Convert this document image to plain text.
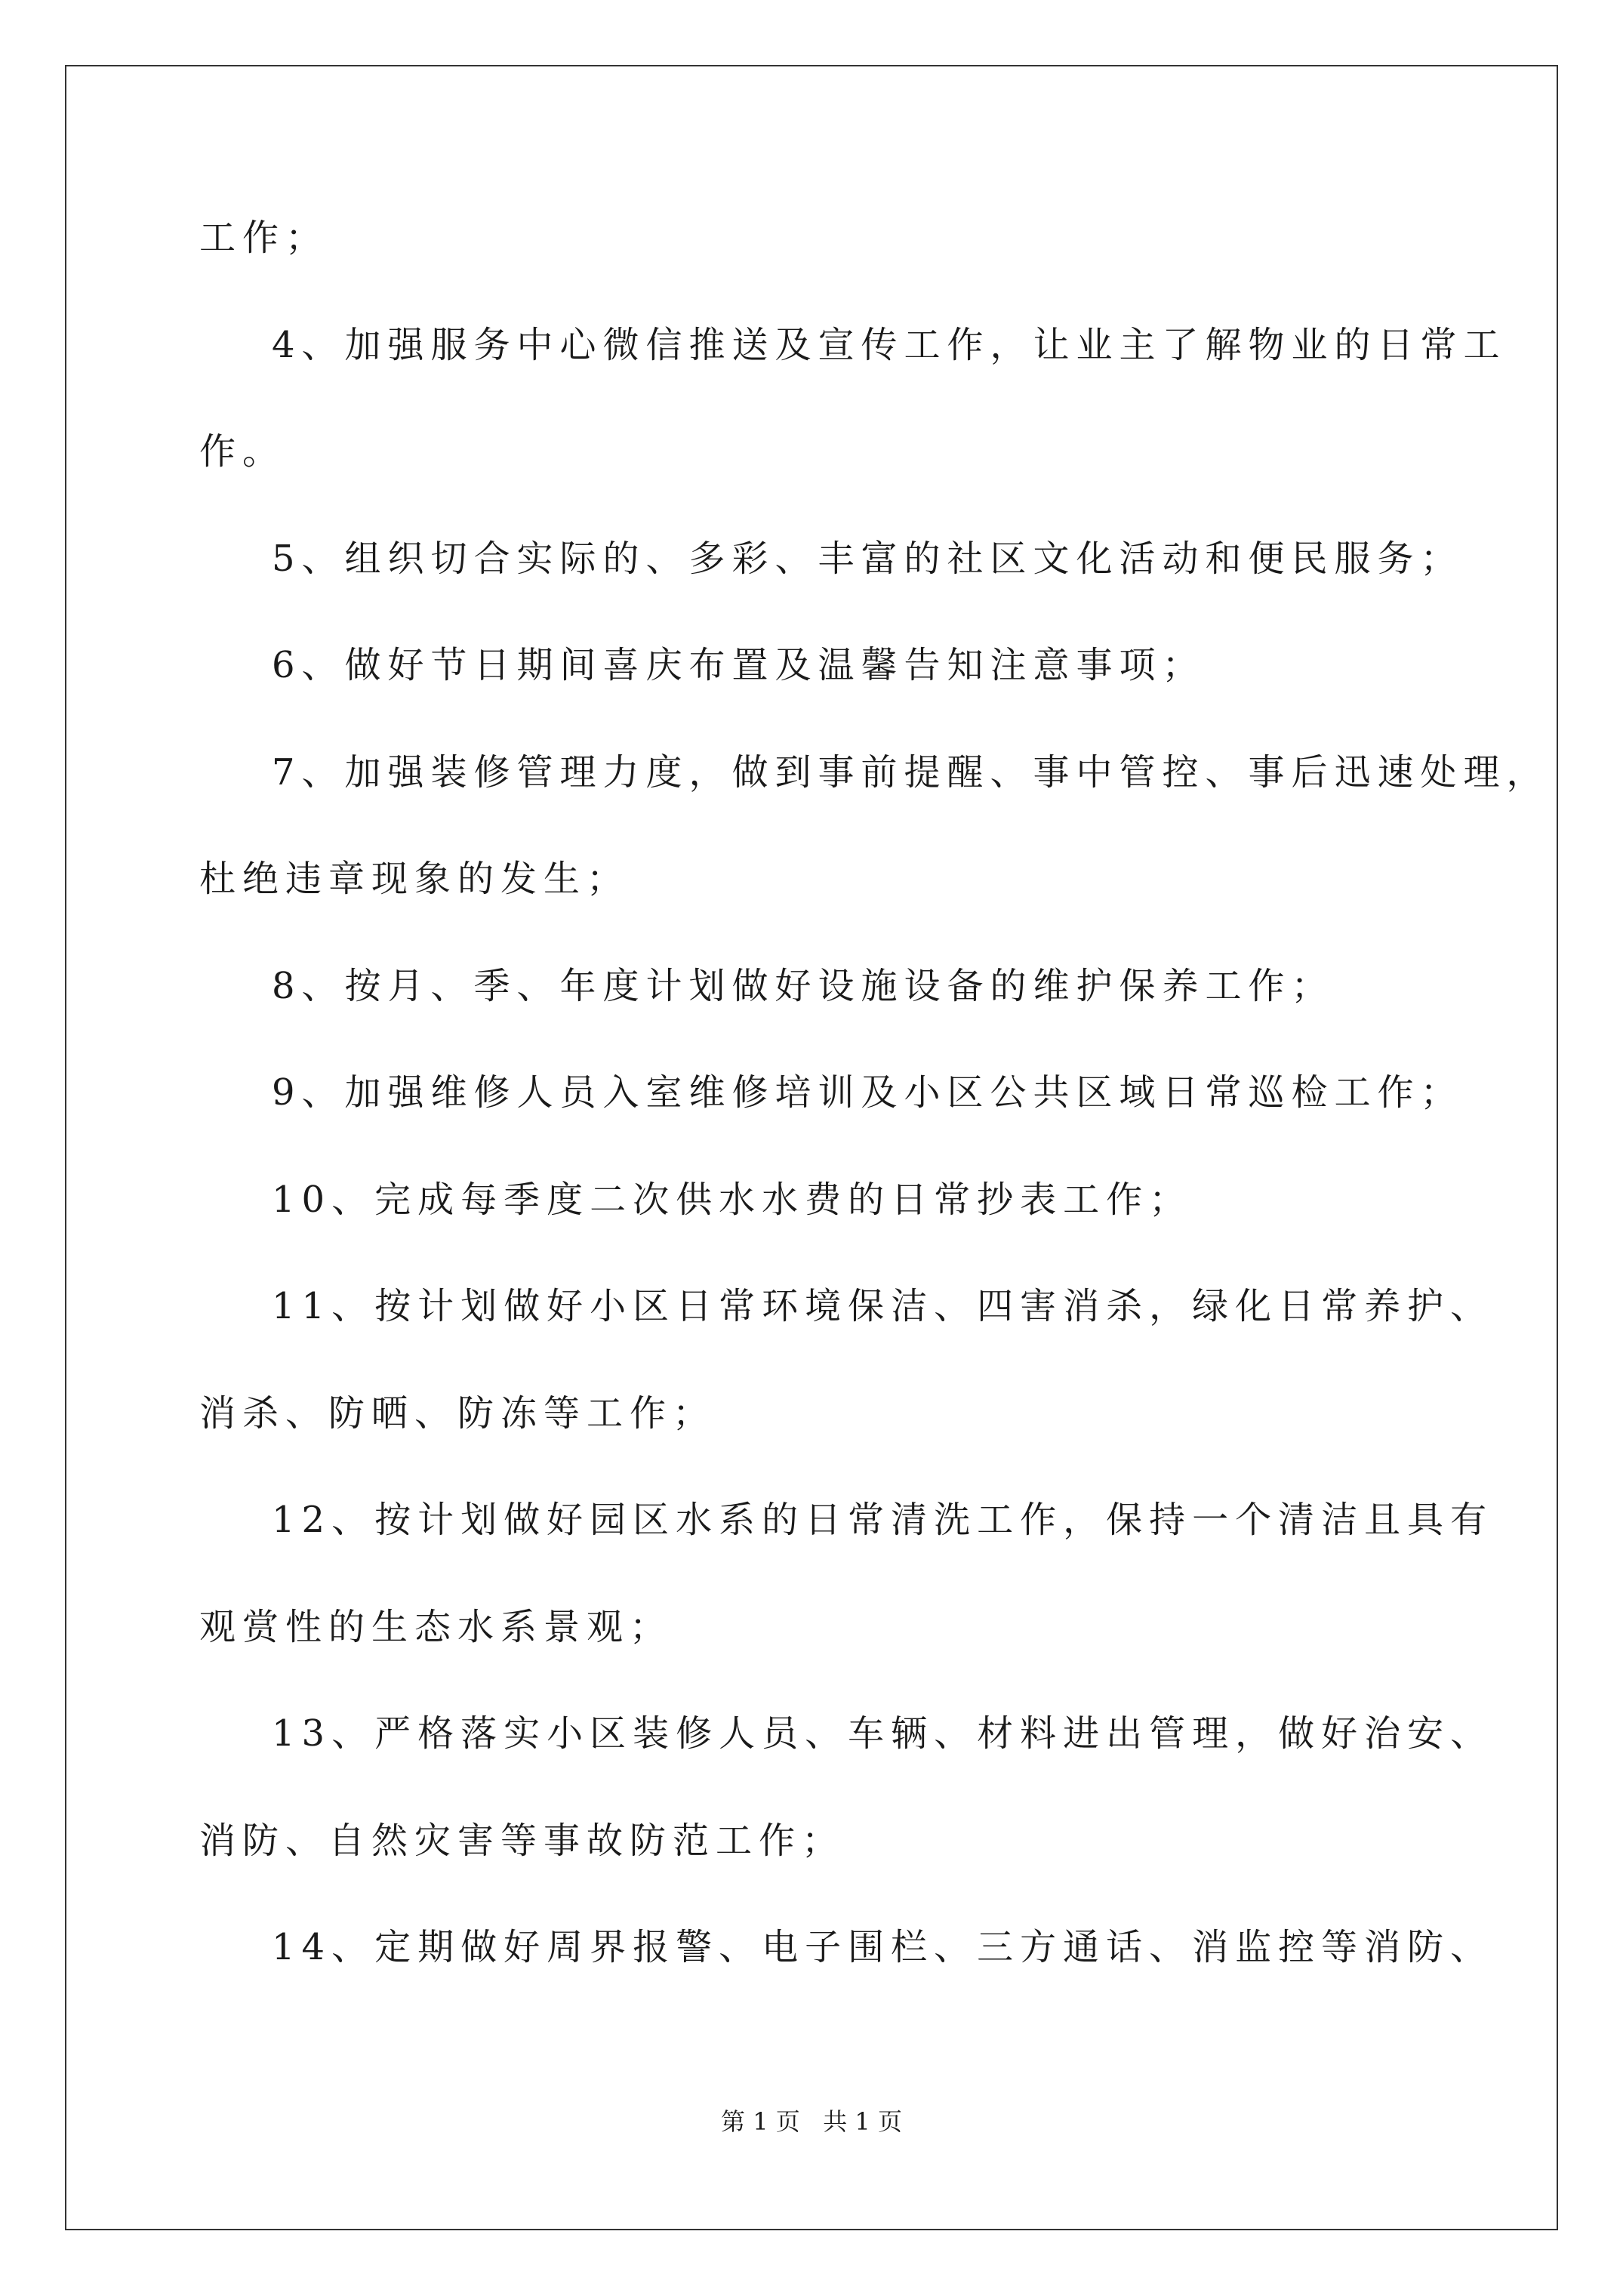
工作；
4、加强服务中心微信推送及宣传工作，让业主了解物业的日常工
作。
5、组织切合实际的、多彩、丰富的社区文化活动和便民服务；
6、做好节日期间喜庆布置及温馨告知注意事项；
7、加强装修管理力度，做到事前提醒、事中管控、事后迅速处理，
杜绝违章现象的发生；
8、按月、季、年度计划做好设施设备的维护保养工作；
9、加强维修人员入室维修培训及小区公共区域日常巡检工作；
10、完成每季度二次供水水费的日常抄表工作；
11、按计划做好小区日常环境保洁、四害消杀，绿化日常养护、
消杀、防晒、防冻等工作；
12、按计划做好园区水系的日常清洗工作，保持一个清洁且具有
观赏性的生态水系景观；
13、严格落实小区装修人员、车辆、材料进出管理，做好治安、
消防、自然灾害等事故防范工作；
14、定期做好周界报警、电子围栏、三方通话、消监控等消防、
第 1 页   共 1 页
